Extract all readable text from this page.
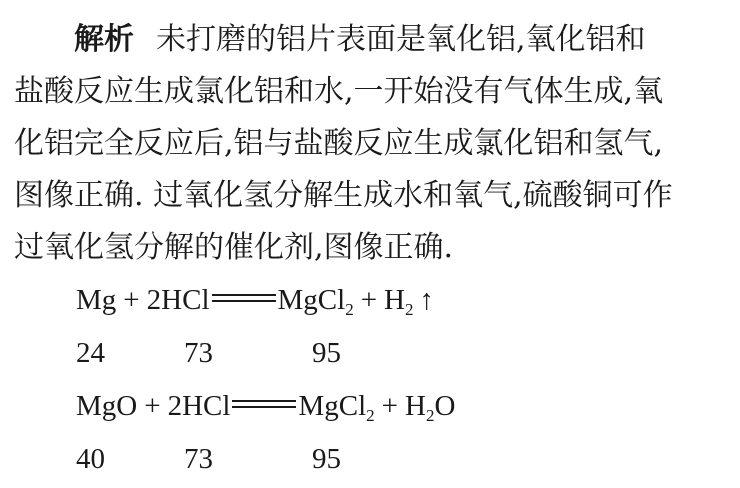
解析 未打磨的铝片表面是氧化铝,氧化铝和
盐酸反应生成氯化铝和水,一开始没有气体生成,氧
化铝完全反应后,铝与盐酸反应生成氯化铝和氢气,
图像正确. 过氧化氢分解生成水和氧气,硫酸铜可作
过氧化氢分解的催化剂,图像正确.
Mg + 2HCl MgCl$_2$ + $H_2$ ↑
24	73	95
MgO + 2HCl MgCl$_2$ + $H_2O$
40	73	95
